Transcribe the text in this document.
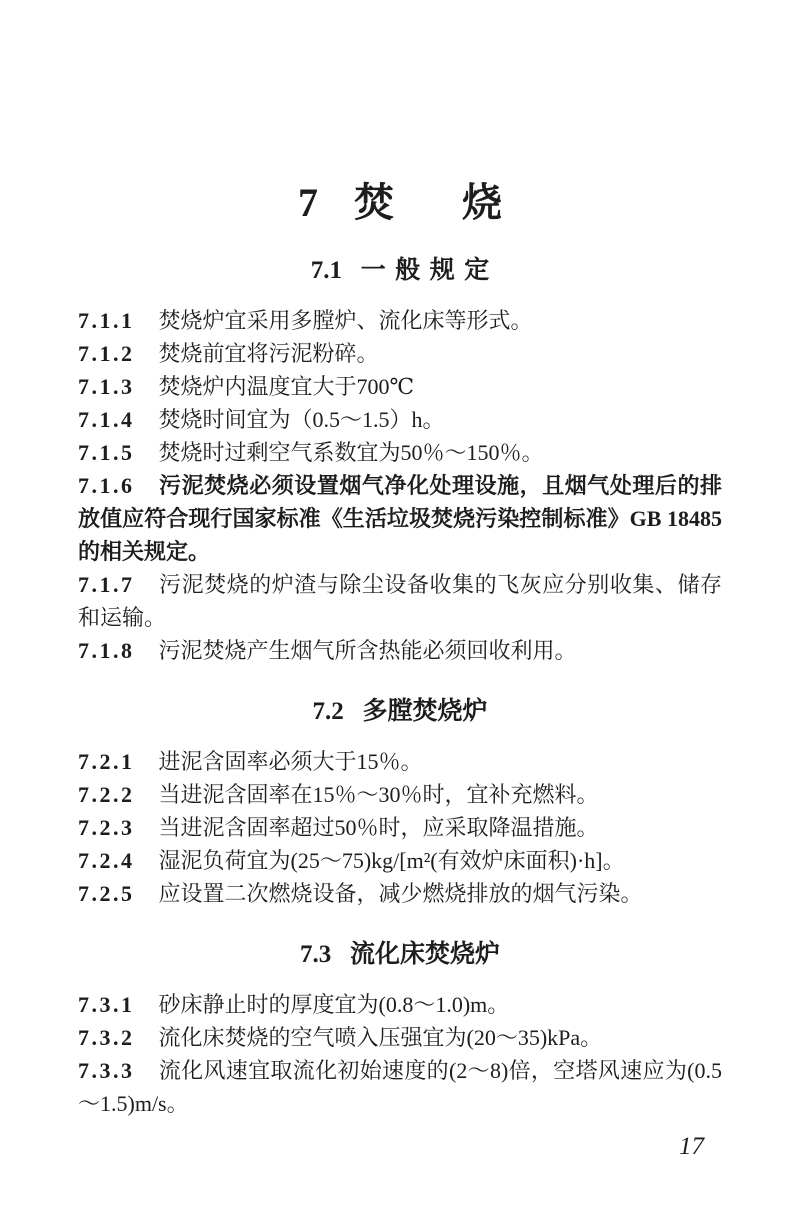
7 焚烧
7.1 一般规定

7.1.1 焚烧炉宜采用多膛炉、流化床等形式。

7.1.2 焚烧前宜将污泥粉碎。

7.1.3 焚烧炉内温度宜大于700℃

7.1.4 焚烧时间宜为（0.5～1.5）h。

7.1.5 焚烧时过剩空气系数宜为50％～150％。

7.1.6 污泥焚烧必须设置烟气净化处理设施，且烟气处理后的排放值应符合现行国家标准《生活垃圾焚烧污染控制标准》GB 18485的相关规定。

7.1.7 污泥焚烧的炉渣与除尘设备收集的飞灰应分别收集、储存和运输。

7.1.8 污泥焚烧产生烟气所含热能必须回收利用。

7.2 多膛焚烧炉

7.2.1 进泥含固率必须大于15％。

7.2.2 当进泥含固率在15％～30％时，宜补充燃料。

7.2.3 当进泥含固率超过50％时，应采取降温措施。

7.2.4 湿泥负荷宜为(25～75)kg/[m²(有效炉床面积)·h]。

7.2.5 应设置二次燃烧设备，减少燃烧排放的烟气污染。

7.3 流化床焚烧炉

7.3.1 砂床静止时的厚度宜为(0.8～1.0)m。

7.3.2 流化床焚烧的空气喷入压强宜为(20～35)kPa。

7.3.3 流化风速宜取流化初始速度的(2～8)倍，空塔风速应为(0.5～1.5)m/s。

17
